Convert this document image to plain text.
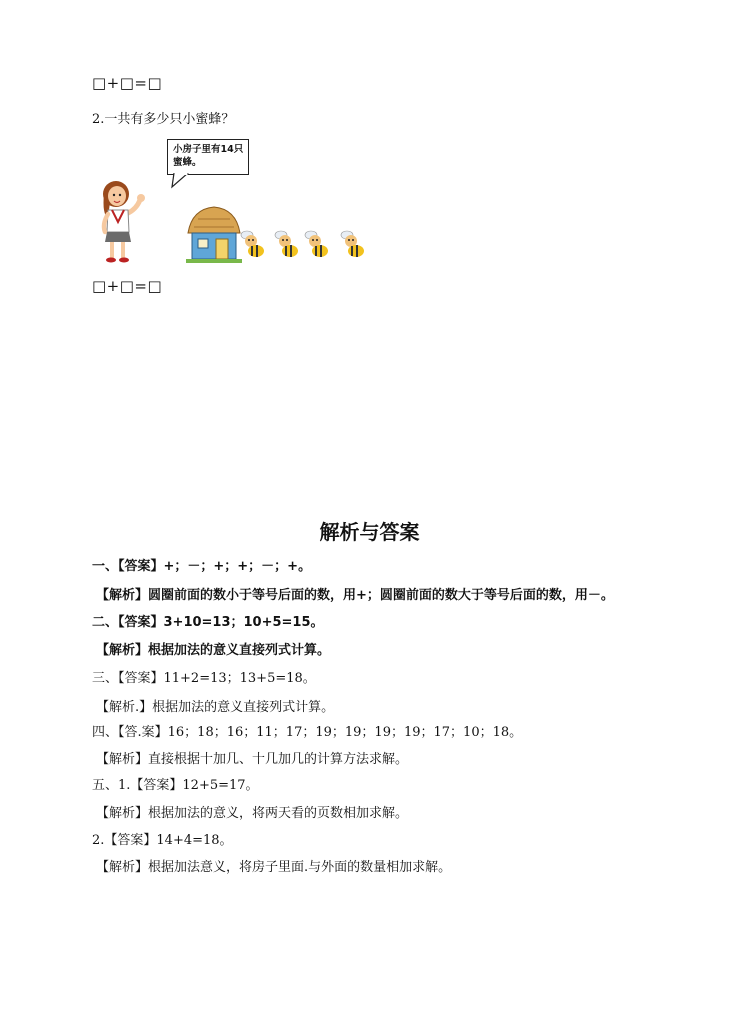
□+□=□
2.一共有多少只小蜜蜂？
小房子里有14只
蜜蜂。
□+□=□
解析与答案
一、【答案】+；－；+；+；－；+。
【解析】圆圈前面的数小于等号后面的数，用+；圆圈前面的数大于等号后面的数，用－。
二、【答案】3+10=13；10+5=15。
【解析】根据加法的意义直接列式计算。
三、【答案】11+2=13；13+5=18。
【解析.】根据加法的意义直接列式计算。
四、【答.案】16；18；16；11；17；19；19；19；19；17；10；18。
【解析】直接根据十加几、十几加几的计算方法求解。
五、1.【答案】12+5=17。
【解析】根据加法的意义，将两天看的页数相加求解。
2.【答案】14+4=18。
【解析】根据加法意义，将房子里面.与外面的数量相加求解。
